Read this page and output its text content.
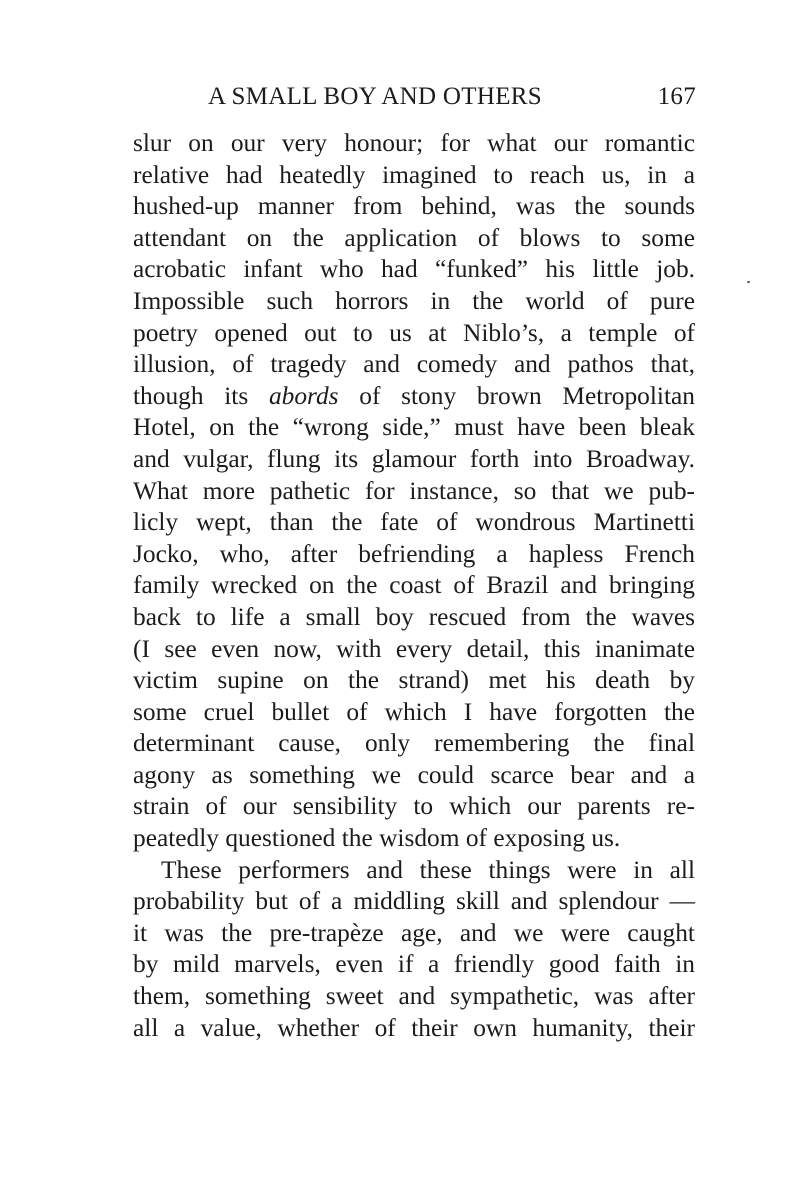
A SMALL BOY AND OTHERS	167
slur on our very honour; for what our romantic
relative had heatedly imagined to reach us, in a
hushed-up manner from behind, was the sounds
attendant on the application of blows to some
acrobatic infant who had “funked” his little job.
Impossible such horrors in the world of pure
poetry opened out to us at Niblo’s, a temple of
illusion, of tragedy and comedy and pathos that,
though its abords of stony brown Metropolitan
Hotel, on the “wrong side,” must have been bleak
and vulgar, flung its glamour forth into Broadway.
What more pathetic for instance, so that we pub-
licly wept, than the fate of wondrous Martinetti
Jocko, who, after befriending a hapless French
family wrecked on the coast of Brazil and bringing
back to life a small boy rescued from the waves
(I see even now, with every detail, this inanimate
victim supine on the strand) met his death by
some cruel bullet of which I have forgotten the
determinant cause, only remembering the final
agony as something we could scarce bear and a
strain of our sensibility to which our parents re-
peatedly questioned the wisdom of exposing us.
These performers and these things were in all
probability but of a middling skill and splendour —
it was the pre-trapèze age, and we were caught
by mild marvels, even if a friendly good faith in
them, something sweet and sympathetic, was after
all a value, whether of their own humanity, their
